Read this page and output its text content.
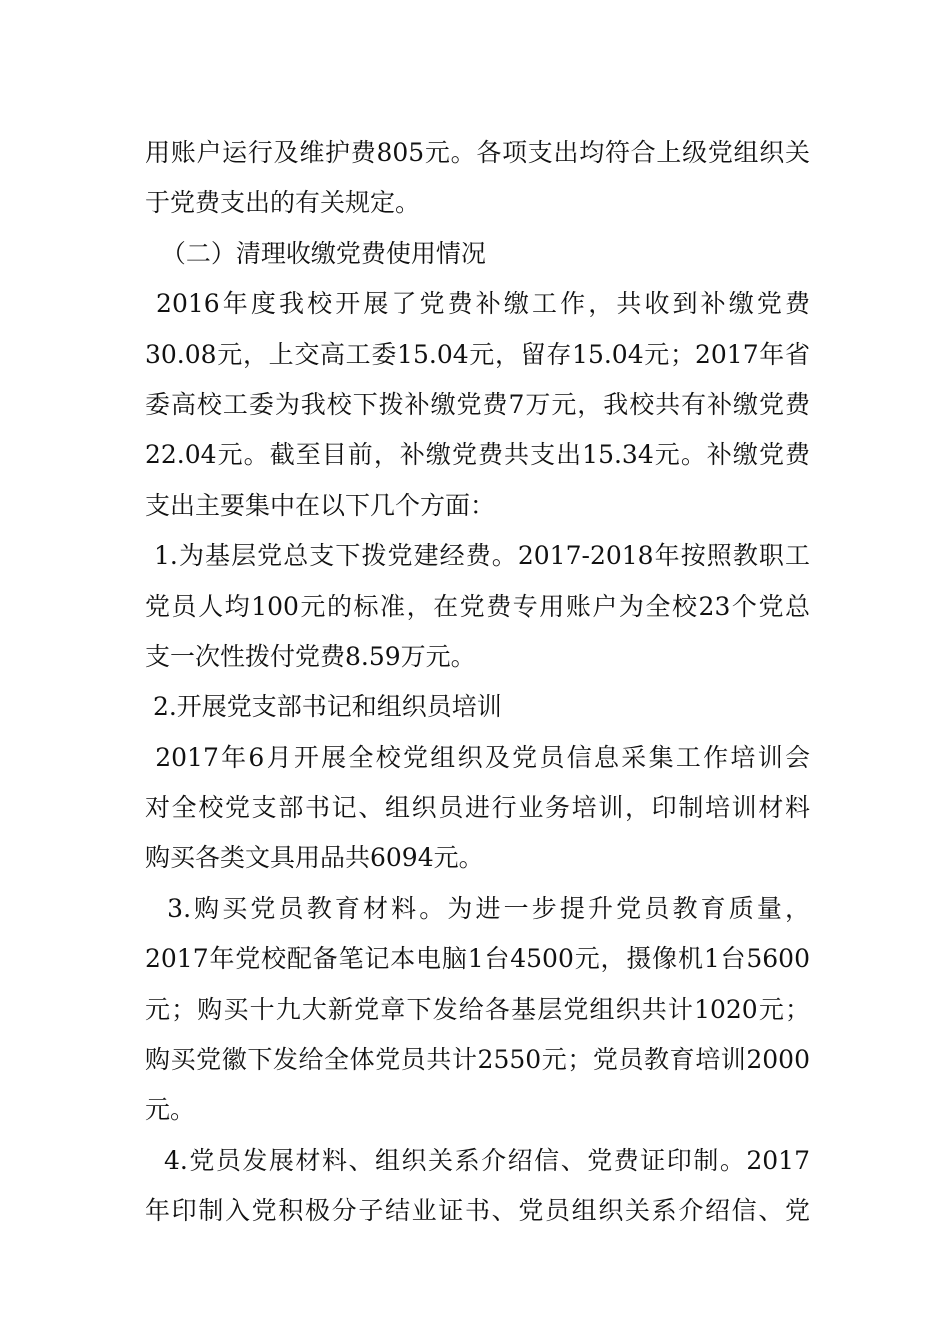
用账户运行及维护费805元。各项支出均符合上级党组织关
于党费支出的有关规定。
（二）清理收缴党费使用情况
2016年度我校开展了党费补缴工作，共收到补缴党费
30.08元，上交高工委15.04元，留存15.04元；2017年省
委高校工委为我校下拨补缴党费7万元，我校共有补缴党费
22.04元。截至目前，补缴党费共支出15.34元。补缴党费
支出主要集中在以下几个方面：
1.为基层党总支下拨党建经费。2017-2018年按照教职工
党员人均100元的标准，在党费专用账户为全校23个党总
支一次性拨付党费8.59万元。
2.开展党支部书记和组织员培训
2017年6月开展全校党组织及党员信息采集工作培训会
对全校党支部书记、组织员进行业务培训，印制培训材料
购买各类文具用品共6094元。
3.购买党员教育材料。为进一步提升党员教育质量，
2017年党校配备笔记本电脑1台4500元，摄像机1台5600
元；购买十九大新党章下发给各基层党组织共计1020元；
购买党徽下发给全体党员共计2550元；党员教育培训2000
元。
4.党员发展材料、组织关系介绍信、党费证印制。2017
年印制入党积极分子结业证书、党员组织关系介绍信、党
